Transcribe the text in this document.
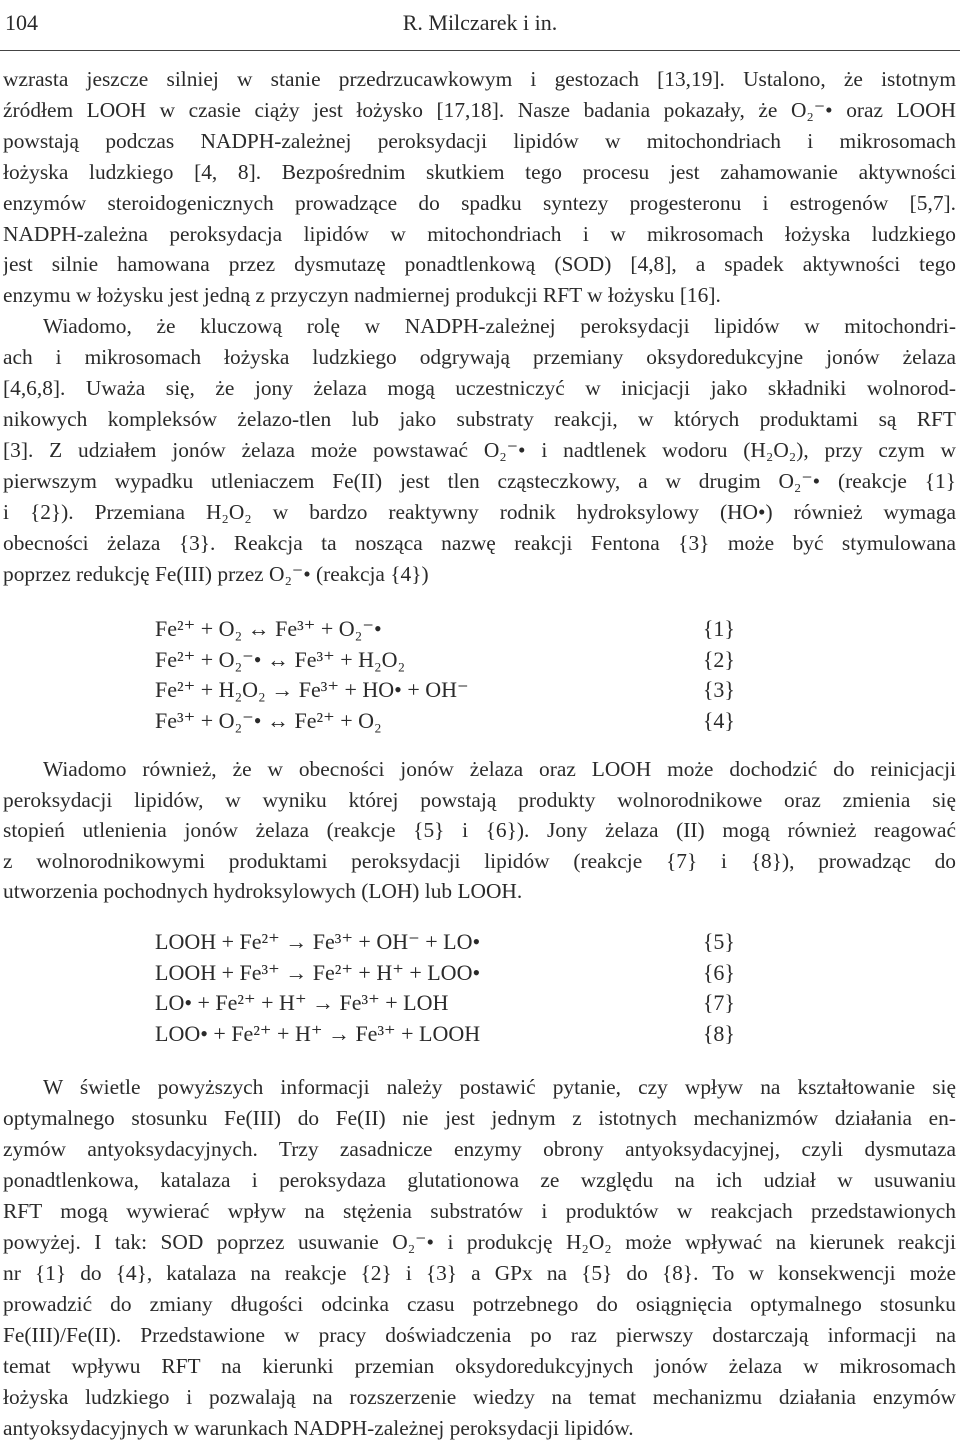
104	R. Milczarek i in.
wzrasta jeszcze silniej w stanie przedrzucawkowym i gestozach [13,19]. Ustalono, że istotnym
źródłem LOOH w czasie ciąży jest łożysko [17,18]. Nasze badania pokazały, że O₂⁻• oraz LOOH
powstają podczas NADPH-zależnej peroksydacji lipidów w mitochondriach i mikrosomach
łożyska ludzkiego [4, 8]. Bezpośrednim skutkiem tego procesu jest zahamowanie aktywności
enzymów steroidogenicznych prowadzące do spadku syntezy progesteronu i estrogenów [5,7].
NADPH-zależna peroksydacja lipidów w mitochondriach i w mikrosomach łożyska ludzkiego
jest silnie hamowana przez dysmutazę ponadtlenkową (SOD) [4,8], a spadek aktywności tego
enzymu w łożysku jest jedną z przyczyn nadmiernej produkcji RFT w łożysku [16].
Wiadomo, że kluczową rolę w NADPH-zależnej peroksydacji lipidów w mitochondri-
ach i mikrosomach łożyska ludzkiego odgrywają przemiany oksydoredukcyjne jonów żelaza
[4,6,8]. Uważa się, że jony żelaza mogą uczestniczyć w inicjacji jako składniki wolnorod-
nikowych kompleksów żelazo-tlen lub jako substraty reakcji, w których produktami są RFT
[3]. Z udziałem jonów żelaza może powstawać O₂⁻• i nadtlenek wodoru (H₂O₂), przy czym w
pierwszym wypadku utleniaczem Fe(II) jest tlen cząsteczkowy, a w drugim O₂⁻• (reakcje {1}
i {2}). Przemiana H₂O₂ w bardzo reaktywny rodnik hydroksylowy (HO•) również wymaga
obecności żelaza {3}. Reakcja ta nosząca nazwę reakcji Fentona {3} może być stymulowana
poprzez redukcję Fe(III) przez O₂⁻• (reakcja {4})
Fe²⁺ + O₂ ↔ Fe³⁺ + O₂⁻•	{1}
Fe²⁺ + O₂⁻• ↔ Fe³⁺ + H₂O₂	{2}
Fe²⁺ + H₂O₂ → Fe³⁺ + HO• + OH⁻	{3}
Fe³⁺ + O₂⁻• ↔ Fe²⁺ + O₂	{4}
Wiadomo również, że w obecności jonów żelaza oraz LOOH może dochodzić do reinicjacji
peroksydacji lipidów, w wyniku której powstają produkty wolnorodnikowe oraz zmienia się
stopień utlenienia jonów żelaza (reakcje {5} i {6}). Jony żelaza (II) mogą również reagować
z wolnorodnikowymi produktami peroksydacji lipidów (reakcje {7} i {8}), prowadząc do
utworzenia pochodnych hydroksylowych (LOH) lub LOOH.
LOOH + Fe²⁺ → Fe³⁺ + OH⁻ + LO•	{5}
LOOH + Fe³⁺ → Fe²⁺ + H⁺ + LOO•	{6}
LO• + Fe²⁺ + H⁺ → Fe³⁺ + LOH	{7}
LOO• + Fe²⁺ + H⁺ → Fe³⁺ + LOOH	{8}
W świetle powyższych informacji należy postawić pytanie, czy wpływ na kształtowanie się
optymalnego stosunku Fe(III) do Fe(II) nie jest jednym z istotnych mechanizmów działania en-
zymów antyoksydacyjnych. Trzy zasadnicze enzymy obrony antyoksydacyjnej, czyli dysmutaza
ponadtlenkowa, katalaza i peroksydaza glutationowa ze względu na ich udział w usuwaniu
RFT mogą wywierać wpływ na stężenia substratów i produktów w reakcjach przedstawionych
powyżej. I tak: SOD poprzez usuwanie O₂⁻• i produkcję H₂O₂ może wpływać na kierunek reakcji
nr {1} do {4}, katalaza na reakcje {2} i {3} a GPx na {5} do {8}. To w konsekwencji może
prowadzić do zmiany długości odcinka czasu potrzebnego do osiągnięcia optymalnego stosunku
Fe(III)/Fe(II). Przedstawione w pracy doświadczenia po raz pierwszy dostarczają informacji na
temat wpływu RFT na kierunki przemian oksydoredukcyjnych jonów żelaza w mikrosomach
łożyska ludzkiego i pozwalają na rozszerzenie wiedzy na temat mechanizmu działania enzymów
antyoksydacyjnych w warunkach NADPH-zależnej peroksydacji lipidów.
